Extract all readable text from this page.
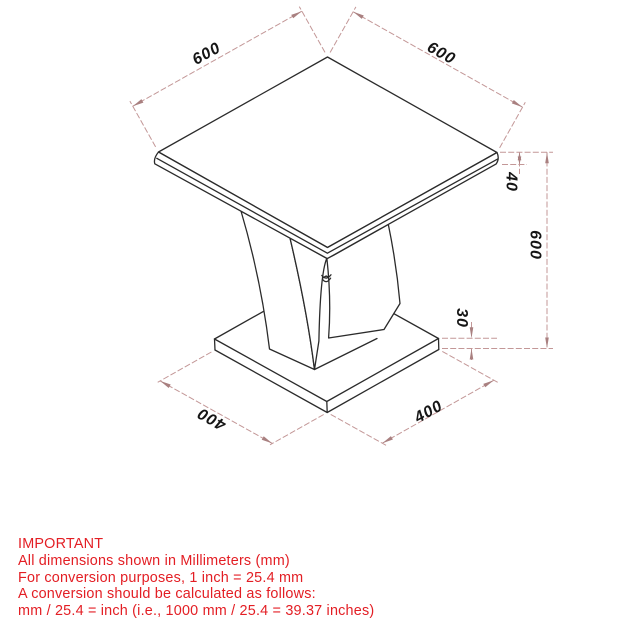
600	600
40
600
30
400	400
IMPORTANT
All dimensions shown in Millimeters (mm)
For conversion purposes, 1 inch = 25.4 mm
A conversion should be calculated as follows:
mm / 25.4 = inch (i.e., 1000 mm / 25.4 = 39.37 inches)
